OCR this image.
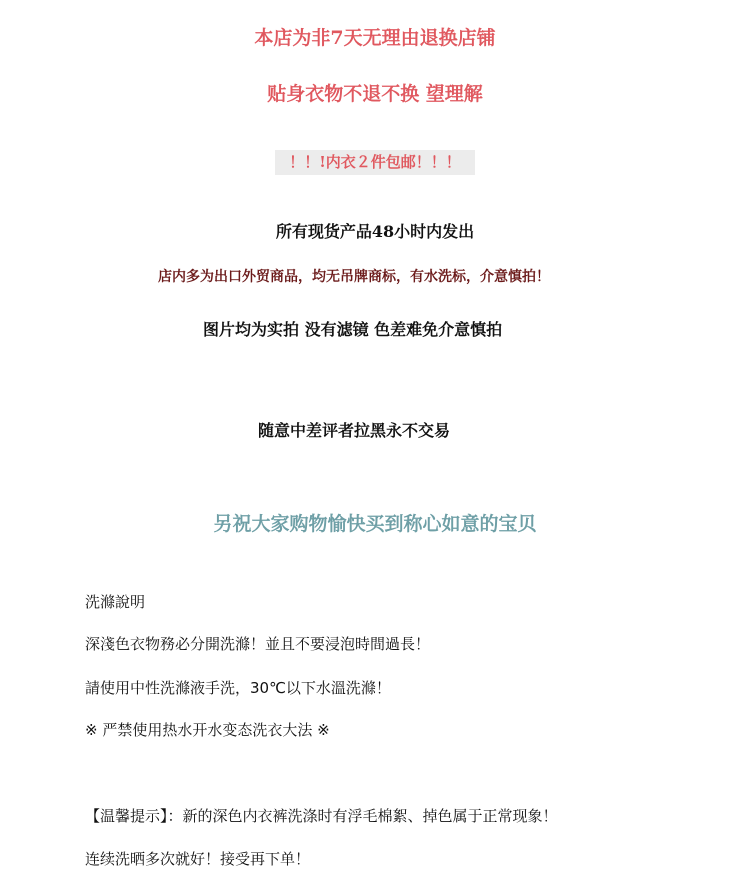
本店为非7天无理由退换店铺
贴身衣物不退不换 望理解
！！!内衣２件包邮！！！
所有现货产品48小时内发出
店内多为出口外贸商品，均无吊牌商标，有水洗标，介意慎拍！
图片均为实拍 没有滤镜 色差难免介意慎拍
随意中差评者拉黑永不交易
另祝大家购物愉快买到称心如意的宝贝
洗滌說明
深淺色衣物務必分開洗滌！並且不要浸泡時間過長！
請使用中性洗滌液手洗，30℃以下水溫洗滌！
※ 严禁使用热水开水变态洗衣大法 ※
【温馨提示】：新的深色内衣裤洗涤时有浮毛棉絮、掉色属于正常现象！
连续洗晒多次就好！接受再下单！
